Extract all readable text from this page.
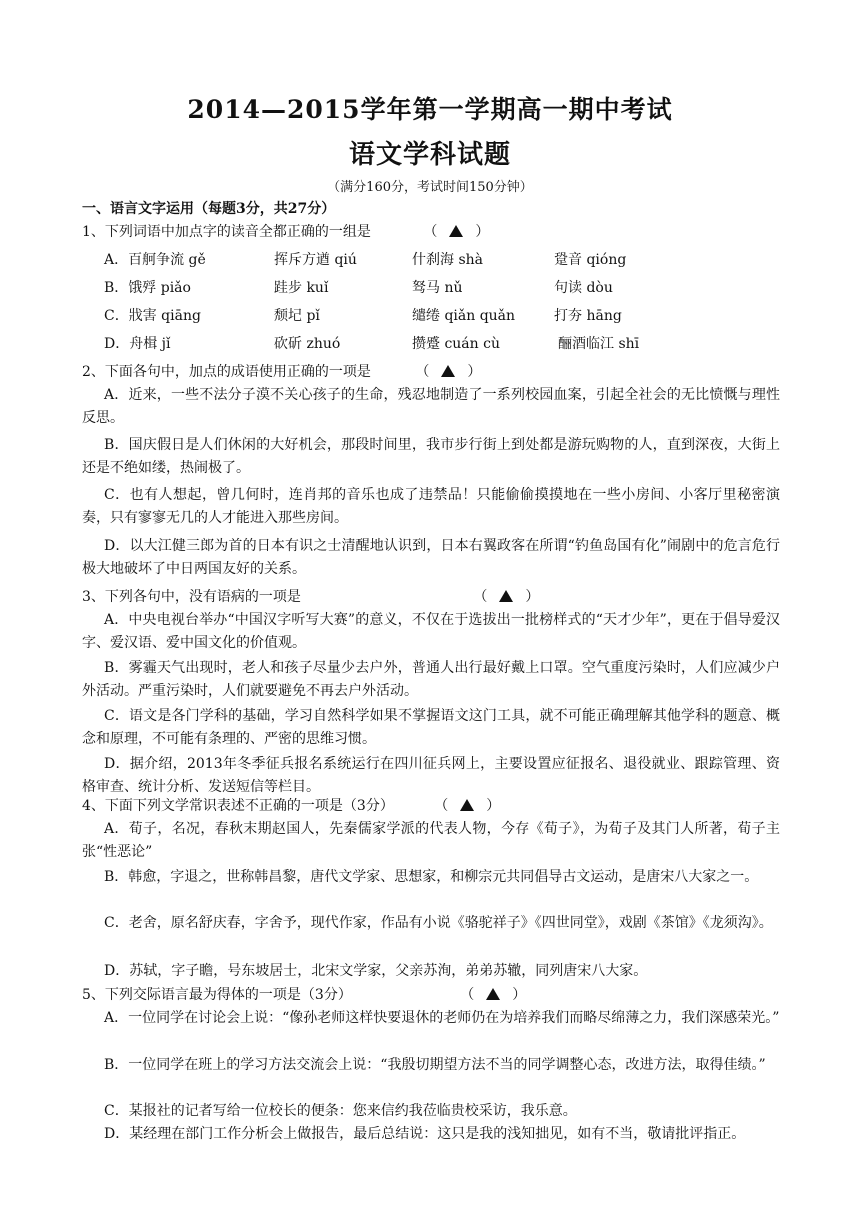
2014—2015学年第一学期高一期中考试
语文学科试题
（满分160分，考试时间150分钟）
一、语言文字运用（每题3分，共27分）
1、下列词语中加点字的读音全都正确的一组是	（	）
A．百舸争流 gě	挥斥方遒 qiú	什刹海 shà	跫音 qióng
B．饿殍 piǎo	跬步 kuǐ	驽马 nǔ	句读 dòu
C．戕害 qiāng	颓圮 pǐ	缱绻 qiǎn quǎn	打夯 hāng
D．舟楫 jǐ	砍斫 zhuó	攒蹙 cuán cù	酾酒临江 shī
2、下面各句中，加点的成语使用正确的一项是	（	）
A．近来，一些不法分子漠不关心孩子的生命，残忍地制造了一系列校园血案，引起全社会的无比愤慨与理性反思。
B．国庆假日是人们休闲的大好机会，那段时间里，我市步行街上到处都是游玩购物的人，直到深夜，大街上还是不绝如缕，热闹极了。
C．也有人想起，曾几何时，连肖邦的音乐也成了违禁品！只能偷偷摸摸地在一些小房间、小客厅里秘密演奏，只有寥寥无几的人才能进入那些房间。
D．以大江健三郎为首的日本有识之士清醒地认识到，日本右翼政客在所谓“钓鱼岛国有化”闹剧中的危言危行极大地破坏了中日两国友好的关系。
3、下列各句中，没有语病的一项是	（	）
A．中央电视台举办“中国汉字听写大赛”的意义，不仅在于选拔出一批榜样式的“天才少年”，更在于倡导爱汉字、爱汉语、爱中国文化的价值观。
B．雾霾天气出现时，老人和孩子尽量少去户外，普通人出行最好戴上口罩。空气重度污染时，人们应减少户外活动。严重污染时，人们就要避免不再去户外活动。
C．语文是各门学科的基础，学习自然科学如果不掌握语文这门工具，就不可能正确理解其他学科的题意、概念和原理，不可能有条理的、严密的思维习惯。
D．据介绍，2013年冬季征兵报名系统运行在四川征兵网上，主要设置应征报名、退役就业、跟踪管理、资格审查、统计分析、发送短信等栏目。
4、下面下列文学常识表述不正确的一项是（3分）	（	）
A．荀子，名况，春秋末期赵国人，先秦儒家学派的代表人物，今存《荀子》，为荀子及其门人所著，荀子主张“性恶论”
B．韩愈，字退之，世称韩昌黎，唐代文学家、思想家，和柳宗元共同倡导古文运动，是唐宋八大家之一。
C．老舍，原名舒庆春，字舍予，现代作家，作品有小说《骆驼祥子》《四世同堂》，戏剧《茶馆》《龙须沟》。
D．苏轼，字子瞻，号东坡居士，北宋文学家，父亲苏洵，弟弟苏辙，同列唐宋八大家。
5、下列交际语言最为得体的一项是（3分）	（	）
A．一位同学在讨论会上说：“像孙老师这样快要退休的老师仍在为培养我们而略尽绵薄之力，我们深感荣光。”
B．一位同学在班上的学习方法交流会上说：“我殷切期望方法不当的同学调整心态，改进方法，取得佳绩。”
C．某报社的记者写给一位校长的便条：您来信约我莅临贵校采访，我乐意。
D．某经理在部门工作分析会上做报告，最后总结说：这只是我的浅知拙见，如有不当，敬请批评指正。
